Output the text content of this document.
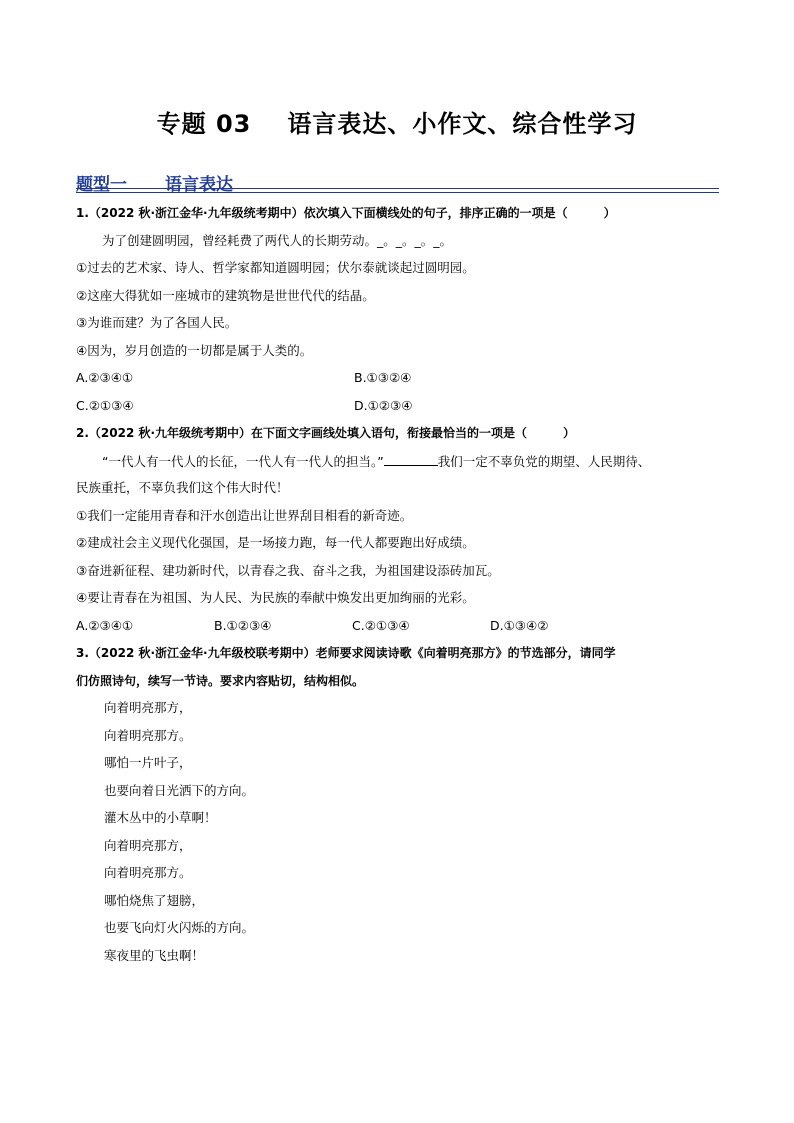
专题 03 语言表达、小作文、综合性学习
题型一 语言表达
1.（2022 秋·浙江金华·九年级统考期中）依次填入下面横线处的句子，排序正确的一项是（　　　）
为了创建圆明园，曾经耗费了两代人的长期劳动。_。_。_。_。
①过去的艺术家、诗人、哲学家都知道圆明园；伏尔泰就谈起过圆明园。
②这座大得犹如一座城市的建筑物是世世代代的结晶。
③为谁而建？为了各国人民。
④因为，岁月创造的一切都是属于人类的。
A.②③④①	B.①③②④
C.②①③④	D.①②③④
2.（2022 秋·九年级统考期中）在下面文字画线处填入语句，衔接最恰当的一项是（　　　）
“一代人有一代人的长征，一代人有一代人的担当。”	我们一定不辜负党的期望、人民期待、
民族重托，不辜负我们这个伟大时代！
①我们一定能用青春和汗水创造出让世界刮目相看的新奇迹。
②建成社会主义现代化强国，是一场接力跑，每一代人都要跑出好成绩。
③奋进新征程、建功新时代，以青春之我、奋斗之我，为祖国建设添砖加瓦。
④要让青春在为祖国、为人民、为民族的奉献中焕发出更加绚丽的光彩。
A.②③④①	B.①②③④	C.②①③④	D.①③④②
3.（2022 秋·浙江金华·九年级校联考期中）老师要求阅读诗歌《向着明亮那方》的节选部分，请同学
们仿照诗句，续写一节诗。要求内容贴切，结构相似。
向着明亮那方，
向着明亮那方。
哪怕一片叶子，
也要向着日光洒下的方向。
灌木丛中的小草啊！
向着明亮那方，
向着明亮那方。
哪怕烧焦了翅膀，
也要飞向灯火闪烁的方向。
寒夜里的飞虫啊！
